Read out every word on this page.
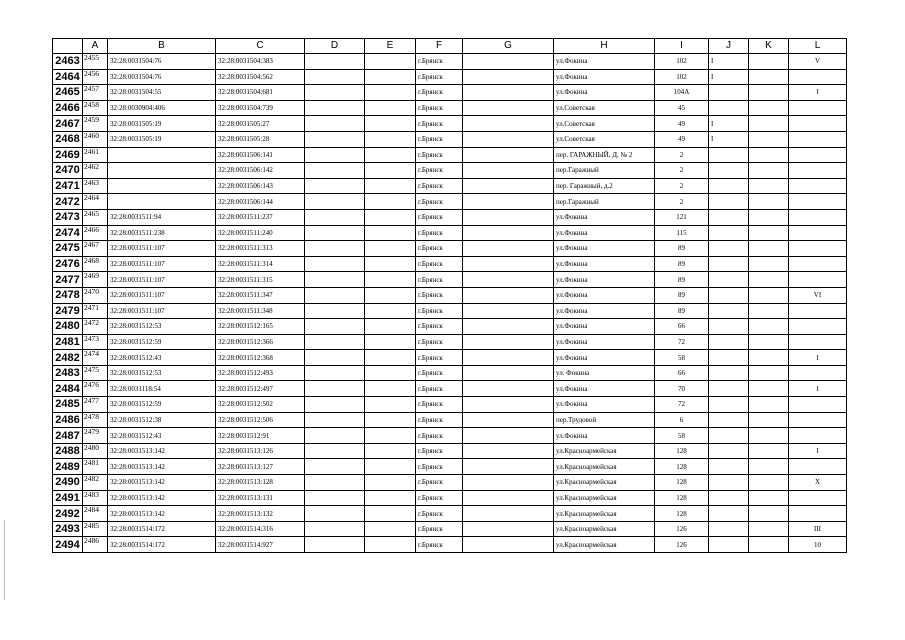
	A	B	C	D	E	F	G	H	I	J	K	L
2463	2455	32:28:0031504:76	32:28:0031504:383			г.Брянск		ул.Фокина	102	I		V
2464	2456	32:28:0031504:76	32:28:0031504:562			г.Брянск		ул.Фокина	102	I		
2465	2457	32:28:0031504:55	32:28:0031504:681			г.Брянск		ул.Фокина	104А			I
2466	2458	32:28:0030904:406	32:28:0031504:739			г.Брянск		ул.Советская	45			
2467	2459	32:28:0031505:19	32:28:0031505:27			г.Брянск		ул.Советская	49	I		
2468	2460	32:28:0031505:19	32:28:0031505:28			г.Брянск		ул.Советская	49	I		
2469	2461		32:28:0031506:141			г.Брянск		пер. ГАРАЖНЫЙ, Д. № 2	2			
2470	2462		32:28:0031506:142			г.Брянск		пер.Гаражный	2			
2471	2463		32:28:0031506:143			г.Брянск		пер. Гаражный, д.2	2			
2472	2464		32:28:0031506:144			г.Брянск		пер.Гаражный	2			
2473	2465	32:28:0031511:94	32:28:0031511:237			г.Брянск		ул.Фокина	121			
2474	2466	32:28:0031511:238	32:28:0031511:240			г.Брянск		ул.Фокина	115			
2475	2467	32:28:0031511:107	32:28:0031511:313			г.Брянск		ул.Фокина	89			
2476	2468	32:28:0031511:107	32:28:0031511:314			г.Брянск		ул.Фокина	89			
2477	2469	32:28:0031511:107	32:28:0031511:315			г.Брянск		ул.Фокина	89			
2478	2470	32:28:0031511:107	32:28:0031511:347			г.Брянск		ул.Фокина	89			VI
2479	2471	32:28:0031511:107	32:28:0031511:348			г.Брянск		ул.Фокина	89			
2480	2472	32:28:0031512:53	32:28:0031512:165			г.Брянск		ул.Фокина	66			
2481	2473	32:28:0031512:59	32:28:0031512:366			г.Брянск		ул.Фокина	72			
2482	2474	32:28:0031512:43	32:28:0031512:368			г.Брянск		ул.Фокина	58			I
2483	2475	32:28:0031512:53	32:28:0031512:493			г.Брянск		ул. Фокина	66			
2484	2476	32:28:0031118:54	32:28:0031512:497			г.Брянск		ул.Фокина	70			I
2485	2477	32:28:0031512:59	32:28:0031512:502			г.Брянск		ул.Фокина	72			
2486	2478	32:28:0031512:38	32:28:0031512:506			г.Брянск		пер.Трудовой	6			
2487	2479	32:28:0031512:43	32:28:0031512:91			г.Брянск		ул.Фокина	58			
2488	2480	32:28:0031513:142	32:28:0031513:126			г.Брянск		ул.Красноармейская	128			I
2489	2481	32:28:0031513:142	32:28:0031513:127			г.Брянск		ул.Красноармейская	128			
2490	2482	32:28:0031513:142	32:28:0031513:128			г.Брянск		ул.Красноармейская	128			X
2491	2483	32:28:0031513:142	32:28:0031513:131			г.Брянск		ул.Красноармейская	128			
2492	2484	32:28:0031513:142	32:28:0031513:132			г.Брянск		ул.Красноармейская	128			
2493	2485	32:28:0031514:172	32:28:0031514:316			г.Брянск		ул.Красноармейская	126			III
2494	2486	32:28:0031514:172	32:28:0031514:927			г.Брянск		ул.Красноармейская	126			10
